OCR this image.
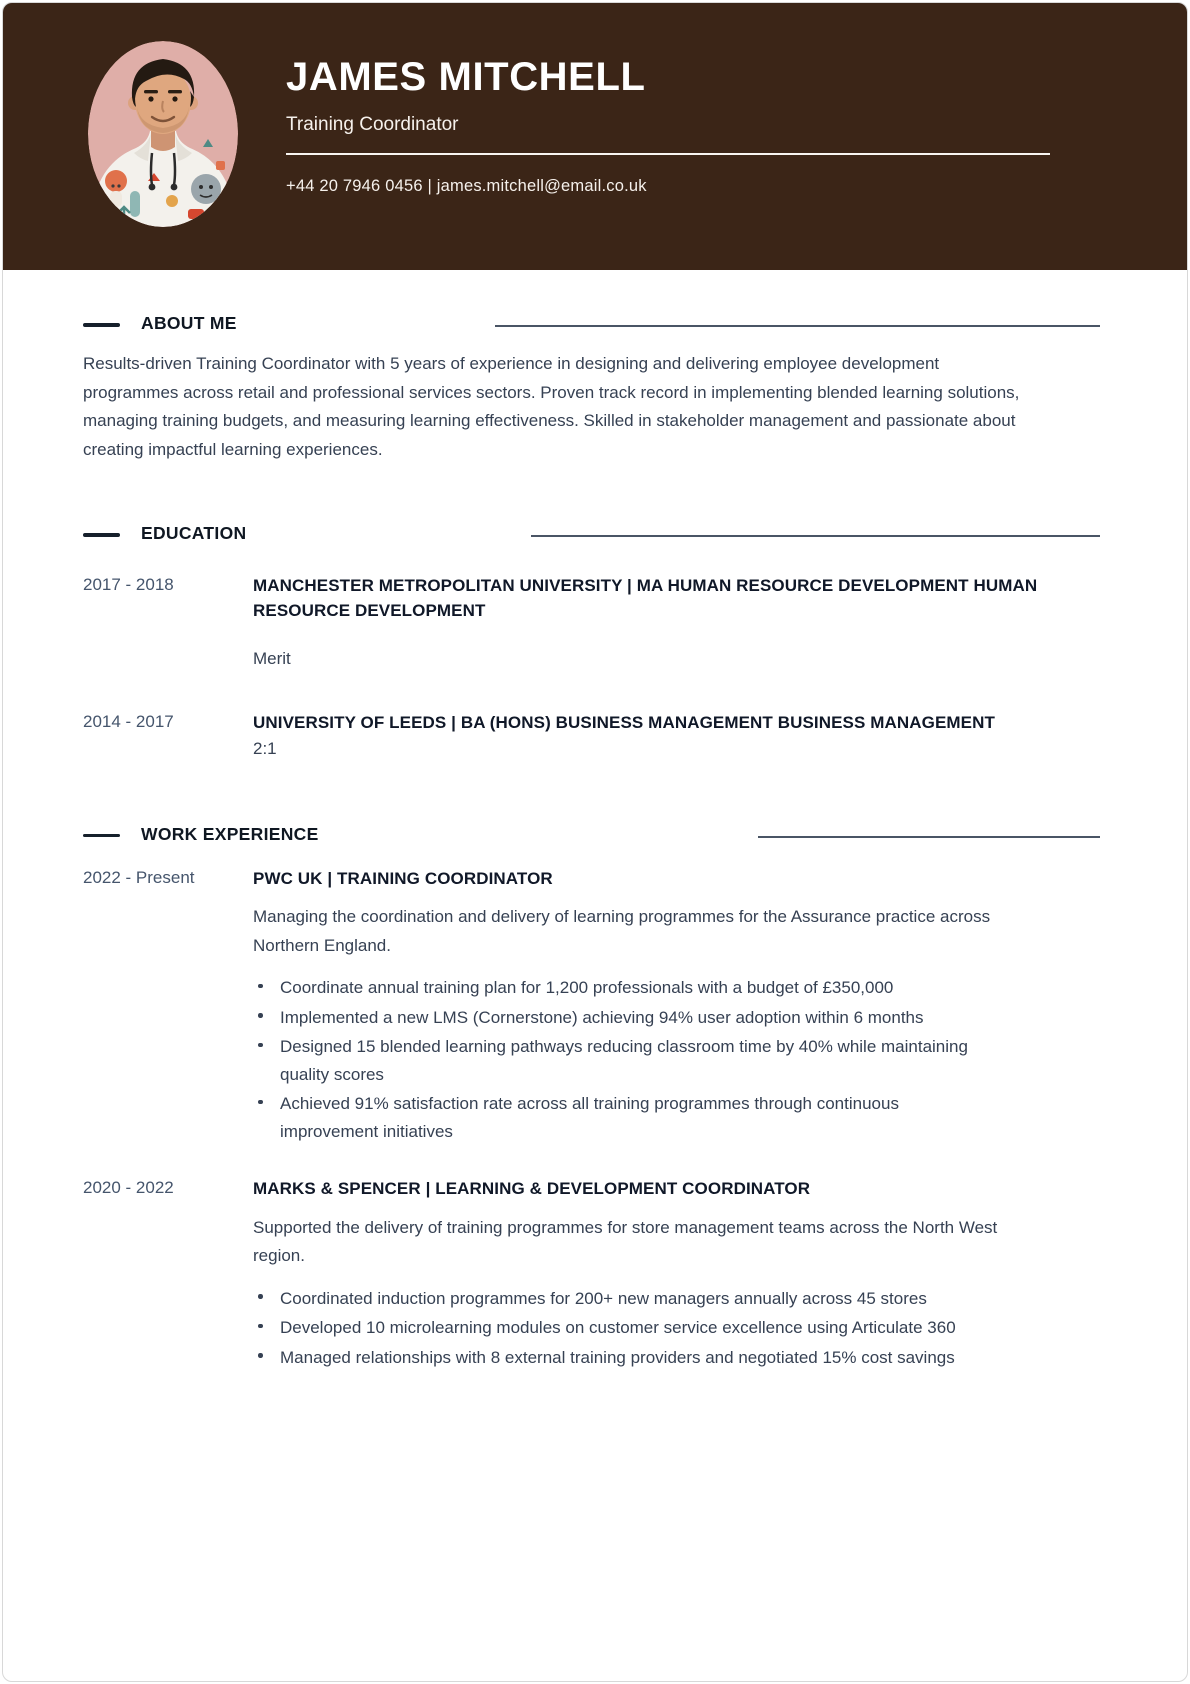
JAMES MITCHELL
Training Coordinator
+44 20 7946 0456 | james.mitchell@email.co.uk
ABOUT ME

Results-driven Training Coordinator with 5 years of experience in designing and delivering employee development programmes across retail and professional services sectors. Proven track record in implementing blended learning solutions, managing training budgets, and measuring learning effectiveness. Skilled in stakeholder management and passionate about creating impactful learning experiences.

EDUCATION
2017 - 2018	MANCHESTER METROPOLITAN UNIVERSITY | MA HUMAN RESOURCE DEVELOPMENT HUMAN RESOURCE DEVELOPMENT
Merit
2014 - 2017	UNIVERSITY OF LEEDS | BA (HONS) BUSINESS MANAGEMENT BUSINESS MANAGEMENT
2:1
WORK EXPERIENCE
2022 - Present	PWC UK | TRAINING COORDINATOR

Managing the coordination and delivery of learning programmes for the Assurance practice across Northern England.

Coordinate annual training plan for 1,200 professionals with a budget of £350,000
Implemented a new LMS (Cornerstone) achieving 94% user adoption within 6 months
Designed 15 blended learning pathways reducing classroom time by 40% while maintaining quality scores
Achieved 91% satisfaction rate across all training programmes through continuous improvement initiatives
2020 - 2022	MARKS & SPENCER | LEARNING & DEVELOPMENT COORDINATOR

Supported the delivery of training programmes for store management teams across the North West region.

Coordinated induction programmes for 200+ new managers annually across 45 stores
Developed 10 microlearning modules on customer service excellence using Articulate 360
Managed relationships with 8 external training providers and negotiated 15% cost savings
